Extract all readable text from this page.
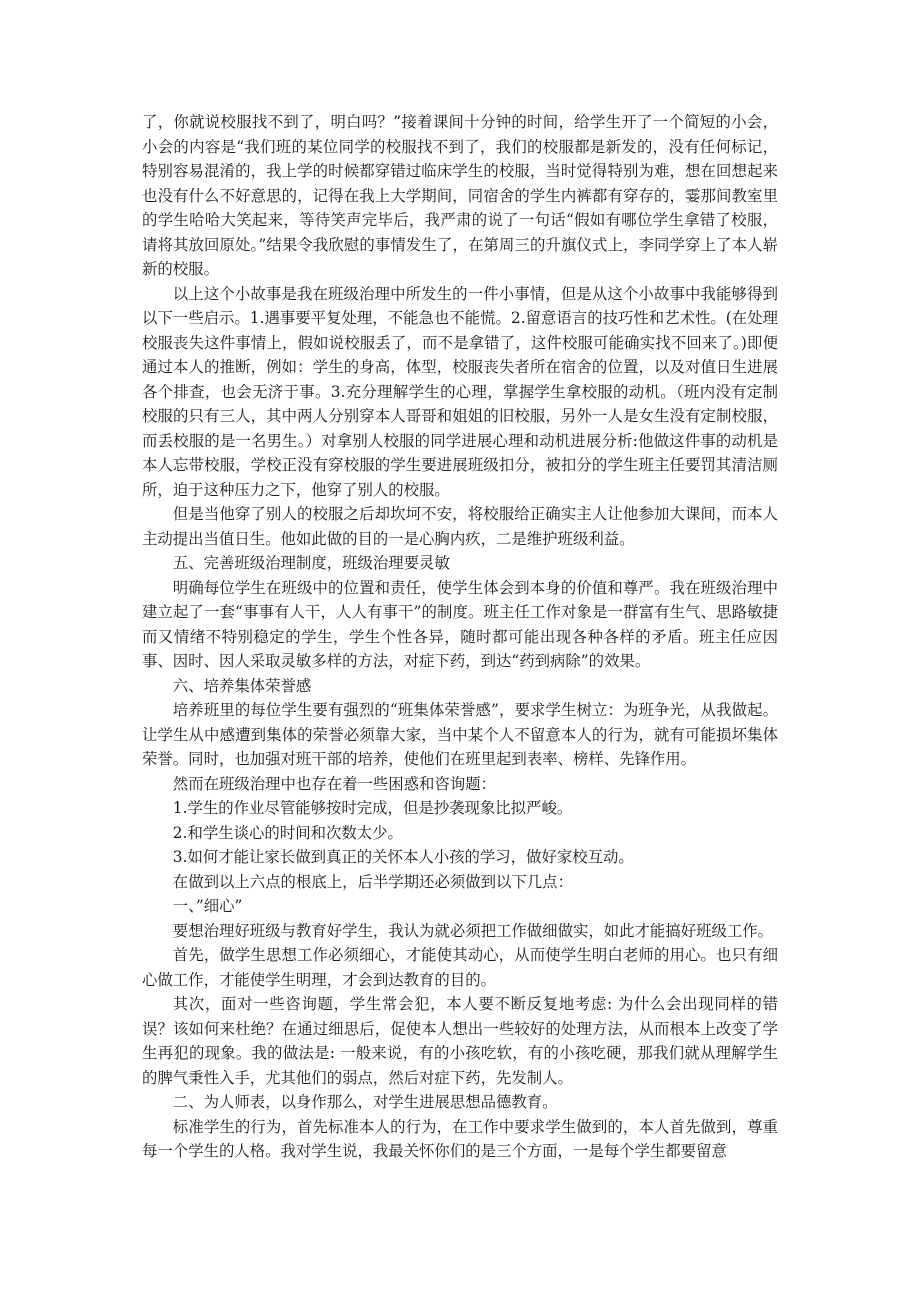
了，你就说校服找不到了，明白吗？”接着课间十分钟的时间，给学生开了一个简短的小会，小会的内容是“我们班的某位同学的校服找不到了，我们的校服都是新发的，没有任何标记，特别容易混淆的，我上学的时候都穿错过临床学生的校服，当时觉得特别为难，想在回想起来也没有什么不好意思的，记得在我上大学期间，同宿舍的学生内裤都有穿存的，霎那间教室里的学生哈哈大笑起来，等待笑声完毕后，我严肃的说了一句话“假如有哪位学生拿错了校服，请将其放回原处。”结果令我欣慰的事情发生了，在第周三的升旗仪式上，李同学穿上了本人崭新的校服。

以上这个小故事是我在班级治理中所发生的一件小事情，但是从这个小故事中我能够得到以下一些启示。1.遇事要平复处理，不能急也不能慌。2.留意语言的技巧性和艺术性。(在处理校服丧失这件事情上，假如说校服丢了，而不是拿错了，这件校服可能确实找不回来了。)即便通过本人的推断，例如：学生的身高，体型，校服丧失者所在宿舍的位置，以及对值日生进展各个排查，也会无济于事。3.充分理解学生的心理，掌握学生拿校服的动机。（班内没有定制校服的只有三人，其中两人分别穿本人哥哥和姐姐的旧校服，另外一人是女生没有定制校服，而丢校服的是一名男生。）对拿别人校服的同学进展心理和动机进展分析:他做这件事的动机是本人忘带校服，学校正没有穿校服的学生要进展班级扣分，被扣分的学生班主任要罚其清洁厕所，迫于这种压力之下，他穿了别人的校服。

但是当他穿了别人的校服之后却坎坷不安，将校服给正确实主人让他参加大课间，而本人主动提出当值日生。他如此做的目的一是心胸内疚，二是维护班级利益。

五、完善班级治理制度，班级治理要灵敏

明确每位学生在班级中的位置和责任，使学生体会到本身的价值和尊严。我在班级治理中建立起了一套“事事有人干，人人有事干”的制度。班主任工作对象是一群富有生气、思路敏捷而又情绪不特别稳定的学生，学生个性各异，随时都可能出现各种各样的矛盾。班主任应因事、因时、因人采取灵敏多样的方法，对症下药，到达“药到病除”的效果。

六、培养集体荣誉感

培养班里的每位学生要有强烈的“班集体荣誉感”，要求学生树立：为班争光，从我做起。让学生从中感遭到集体的荣誉必须靠大家，当中某个人不留意本人的行为，就有可能损坏集体荣誉。同时，也加强对班干部的培养，使他们在班里起到表率、榜样、先锋作用。

然而在班级治理中也存在着一些困惑和咨询题：

1.学生的作业尽管能够按时完成，但是抄袭现象比拟严峻。

2.和学生谈心的时间和次数太少。

3.如何才能让家长做到真正的关怀本人小孩的学习，做好家校互动。

在做到以上六点的根底上，后半学期还必须做到以下几点：

一、”细心”

要想治理好班级与教育好学生，我认为就必须把工作做细做实，如此才能搞好班级工作。

首先，做学生思想工作必须细心，才能使其动心，从而使学生明白老师的用心。也只有细心做工作，才能使学生明理，才会到达教育的目的。

其次，面对一些咨询题，学生常会犯，本人要不断反复地考虑: 为什么会出现同样的错误？该如何来杜绝？在通过细思后，促使本人想出一些较好的处理方法，从而根本上改变了学生再犯的现象。我的做法是: 一般来说，有的小孩吃软，有的小孩吃硬，那我们就从理解学生的脾气秉性入手，尤其他们的弱点，然后对症下药，先发制人。

二、为人师表，以身作那么，对学生进展思想品德教育。

标准学生的行为，首先标准本人的行为，在工作中要求学生做到的，本人首先做到，尊重每一个学生的人格。我对学生说，我最关怀你们的是三个方面，一是每个学生都要留意
